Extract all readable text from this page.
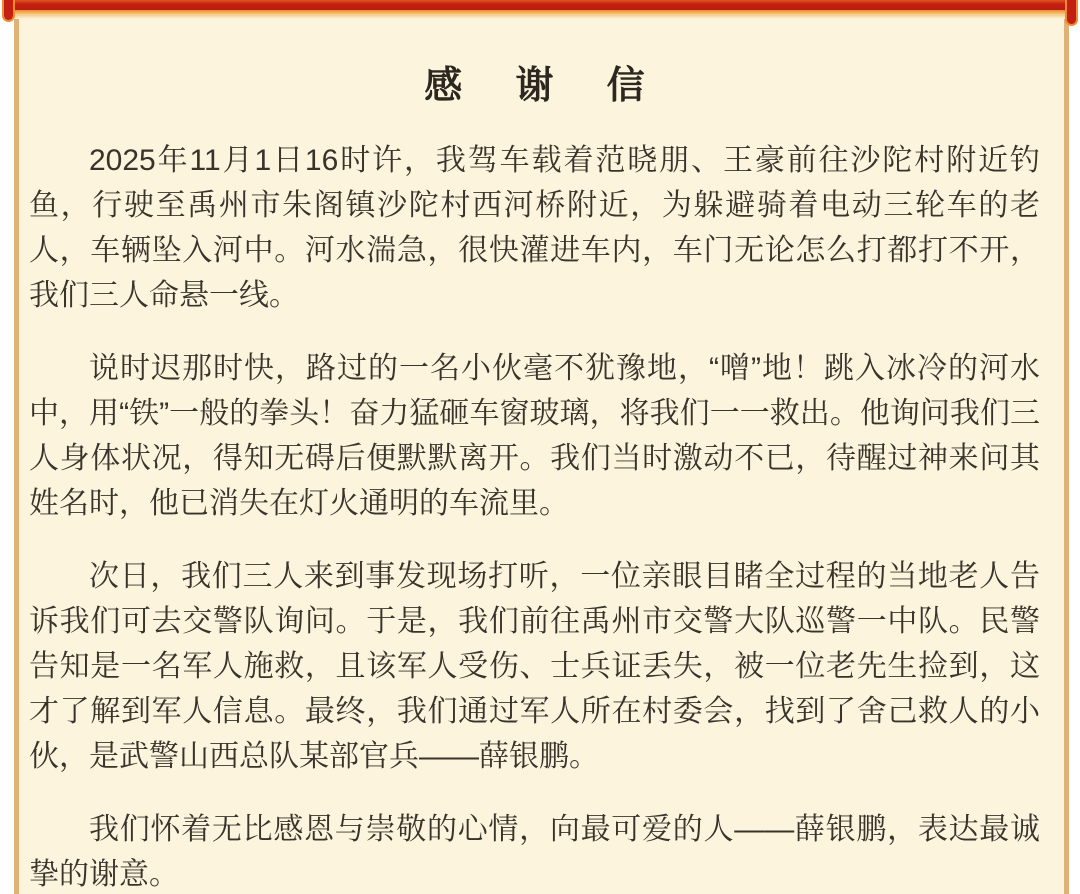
感谢信

2025年11月1日16时许，我驾车载着范晓朋、王豪前往沙陀村附近钓鱼，行驶至禹州市朱阁镇沙陀村西河桥附近，为躲避骑着电动三轮车的老人，车辆坠入河中。河水湍急，很快灌进车内，车门无论怎么打都打不开，我们三人命悬一线。

说时迟那时快，路过的一名小伙毫不犹豫地，“噌”地！跳入冰冷的河水中，用“铁”一般的拳头！奋力猛砸车窗玻璃，将我们一一救出。他询问我们三人身体状况，得知无碍后便默默离开。我们当时激动不已，待醒过神来问其姓名时，他已消失在灯火通明的车流里。

次日，我们三人来到事发现场打听，一位亲眼目睹全过程的当地老人告诉我们可去交警队询问。于是，我们前往禹州市交警大队巡警一中队。民警告知是一名军人施救，且该军人受伤、士兵证丢失，被一位老先生捡到，这才了解到军人信息。最终，我们通过军人所在村委会，找到了舍己救人的小伙，是武警山西总队某部官兵——薛银鹏。

我们怀着无比感恩与崇敬的心情，向最可爱的人——薛银鹏，表达最诚挚的谢意。
